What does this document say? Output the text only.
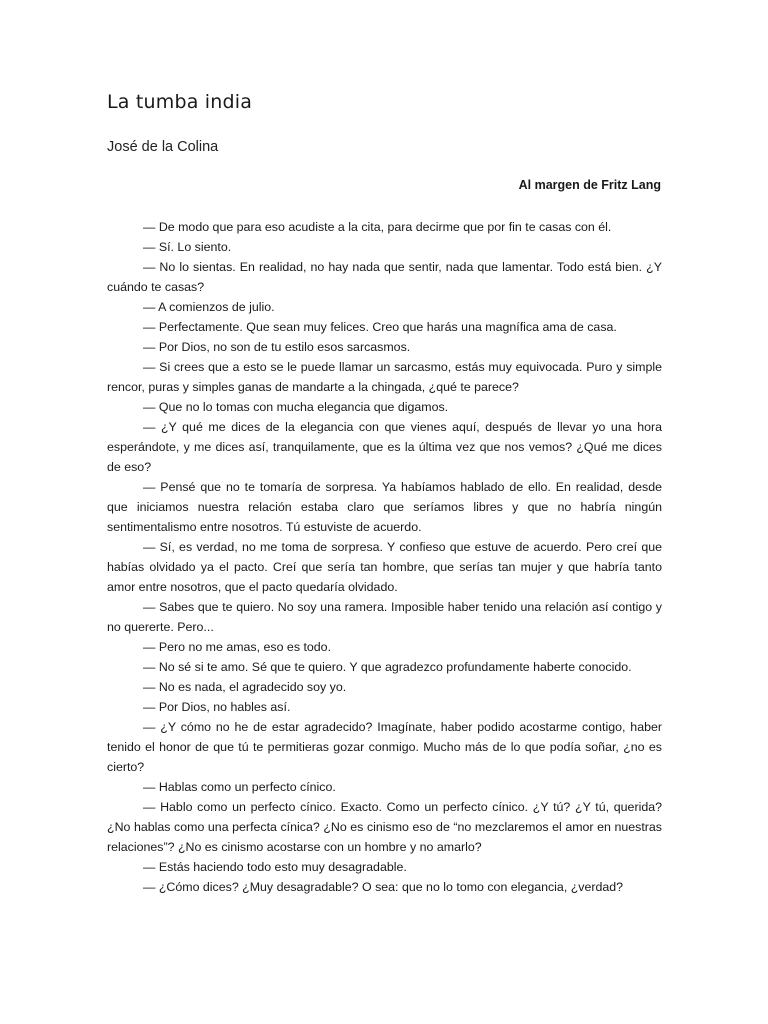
La tumba india
José de la Colina
Al margen de Fritz Lang

— De modo que para eso acudiste a la cita, para decirme que por fin te casas con él.

— Sí. Lo siento.

— No lo sientas. En realidad, no hay nada que sentir, nada que lamentar. Todo está bien. ¿Y cuándo te casas?

— A comienzos de julio.

— Perfectamente. Que sean muy felices. Creo que harás una magnífica ama de casa.

— Por Dios, no son de tu estilo esos sarcasmos.

— Si crees que a esto se le puede llamar un sarcasmo, estás muy equivocada. Puro y simple rencor, puras y simples ganas de mandarte a la chingada, ¿qué te parece?

— Que no lo tomas con mucha elegancia que digamos.

— ¿Y qué me dices de la elegancia con que vienes aquí, después de llevar yo una hora esperándote, y me dices así, tranquilamente, que es la última vez que nos vemos? ¿Qué me dices de eso?

— Pensé que no te tomaría de sorpresa. Ya habíamos hablado de ello. En realidad, desde que iniciamos nuestra relación estaba claro que seríamos libres y que no habría ningún sentimentalismo entre nosotros. Tú estuviste de acuerdo.

— Sí, es verdad, no me toma de sorpresa. Y confieso que estuve de acuerdo. Pero creí que habías olvidado ya el pacto. Creí que sería tan hombre, que serías tan mujer y que habría tanto amor entre nosotros, que el pacto quedaría olvidado.

— Sabes que te quiero. No soy una ramera. Imposible haber tenido una relación así contigo y no quererte. Pero...

— Pero no me amas, eso es todo.

— No sé si te amo. Sé que te quiero. Y que agradezco profundamente haberte conocido.

— No es nada, el agradecido soy yo.

— Por Dios, no hables así.

— ¿Y cómo no he de estar agradecido? Imagínate, haber podido acostarme contigo, haber tenido el honor de que tú te permitieras gozar conmigo. Mucho más de lo que podía soñar, ¿no es cierto?

— Hablas como un perfecto cínico.

— Hablo como un perfecto cínico. Exacto. Como un perfecto cínico. ¿Y tú? ¿Y tú, querida? ¿No hablas como una perfecta cínica? ¿No es cinismo eso de “no mezclaremos el amor en nuestras relaciones”? ¿No es cinismo acostarse con un hombre y no amarlo?

— Estás haciendo todo esto muy desagradable.

— ¿Cómo dices? ¿Muy desagradable? O sea: que no lo tomo con elegancia, ¿verdad?
